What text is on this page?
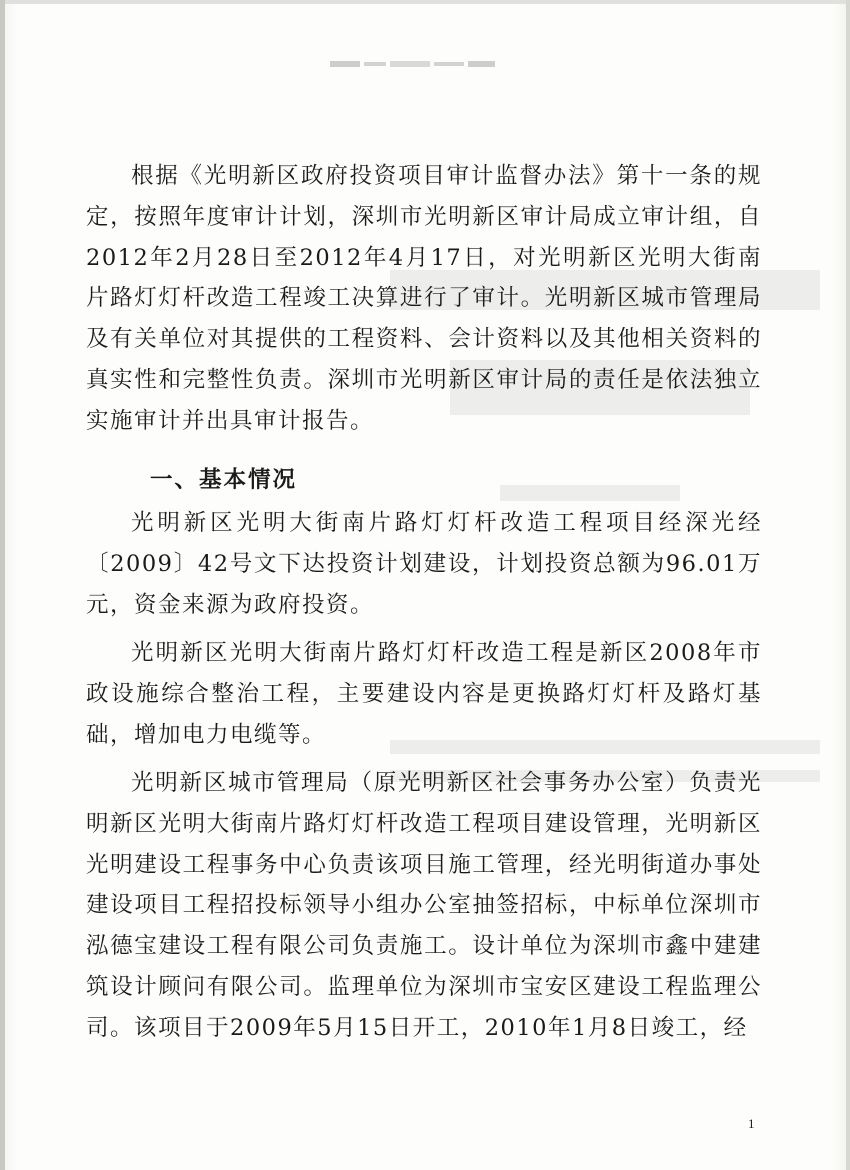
根据《光明新区政府投资项目审计监督办法》第十一条的规定，按照年度审计计划，深圳市光明新区审计局成立审计组，自2012年2月28日至2012年4月17日，对光明新区光明大街南片路灯灯杆改造工程竣工决算进行了审计。光明新区城市管理局及有关单位对其提供的工程资料、会计资料以及其他相关资料的真实性和完整性负责。深圳市光明新区审计局的责任是依法独立实施审计并出具审计报告。

一、基本情况

光明新区光明大街南片路灯灯杆改造工程项目经深光经〔2009〕42号文下达投资计划建设，计划投资总额为96.01万元，资金来源为政府投资。

光明新区光明大街南片路灯灯杆改造工程是新区2008年市政设施综合整治工程，主要建设内容是更换路灯灯杆及路灯基础，增加电力电缆等。

光明新区城市管理局（原光明新区社会事务办公室）负责光明新区光明大街南片路灯灯杆改造工程项目建设管理，光明新区光明建设工程事务中心负责该项目施工管理，经光明街道办事处建设项目工程招投标领导小组办公室抽签招标，中标单位深圳市泓德宝建设工程有限公司负责施工。设计单位为深圳市鑫中建建筑设计顾问有限公司。监理单位为深圳市宝安区建设工程监理公司。该项目于2009年5月15日开工，2010年1月8日竣工，经

1
